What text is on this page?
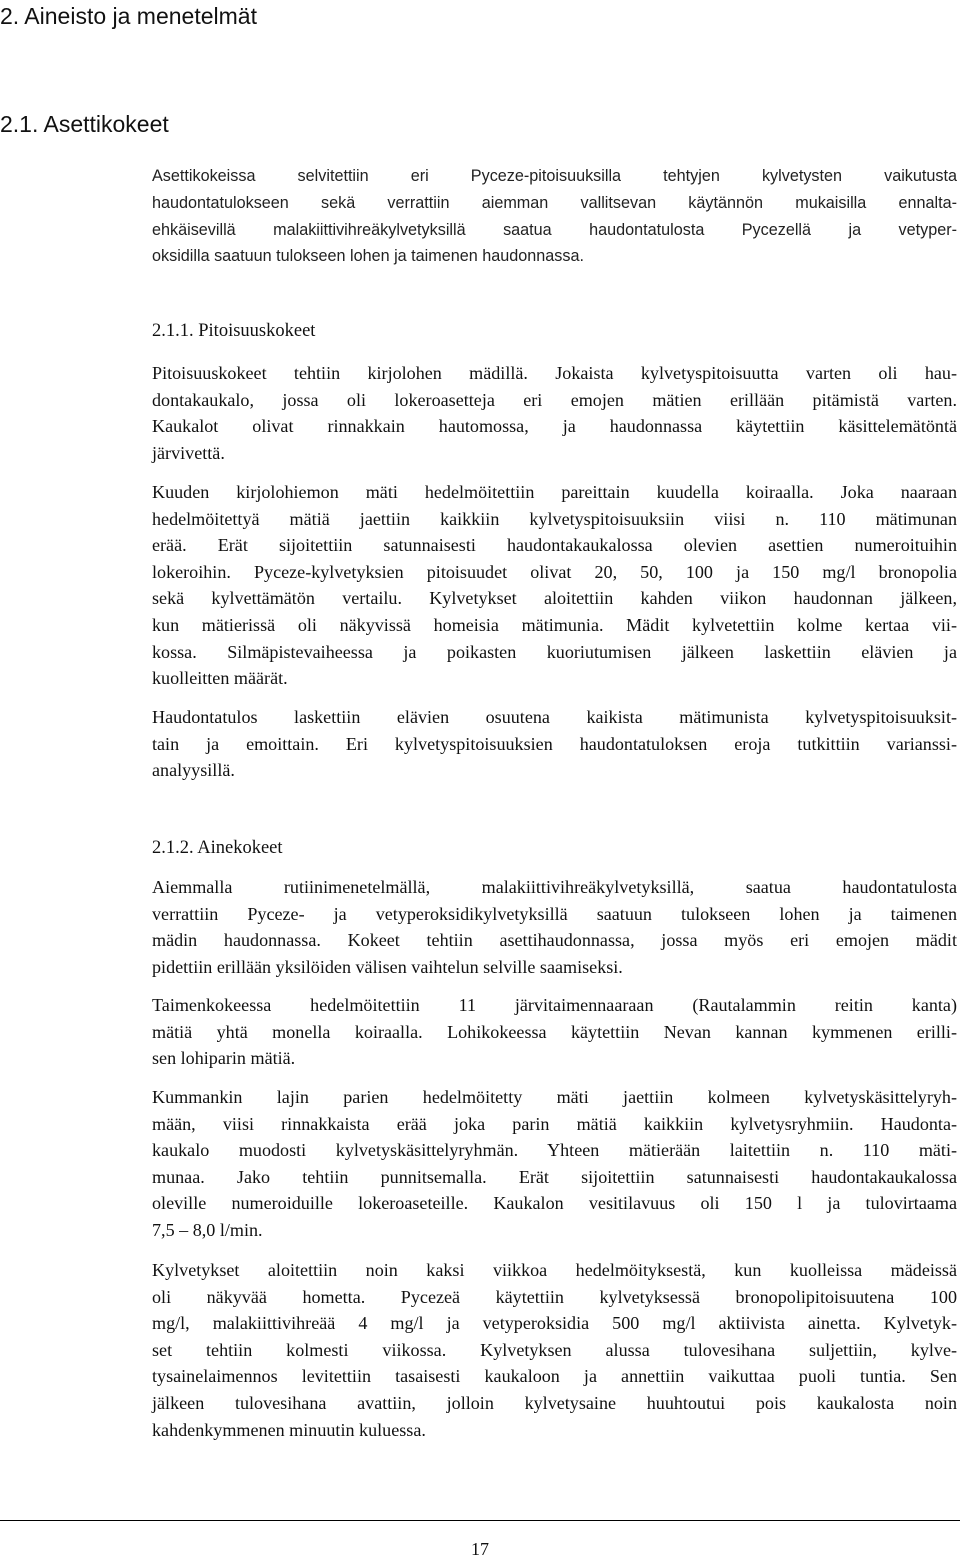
2. Aineisto ja menetelmät
2.1. Asettikokeet
Asettikokeissa selvitettiin eri Pyceze-pitoisuuksilla tehtyjen kylvetysten vaikutusta
haudontatulokseen sekä verrattiin aiemman vallitsevan käytännön mukaisilla ennalta-
ehkäisevillä malakiittivihreäkylvetyksillä saatua haudontatulosta Pycezellä ja vetyper-
oksidilla saatuun tulokseen lohen ja taimenen haudonnassa.
2.1.1. Pitoisuuskokeet
Pitoisuuskokeet tehtiin kirjolohen mädillä. Jokaista kylvetyspitoisuutta varten oli hau-
dontakaukalo, jossa oli lokeroasetteja eri emojen mätien erillään pitämistä varten.
Kaukalot olivat rinnakkain hautomossa, ja haudonnassa käytettiin käsittelemätöntä
järvivettä.
Kuuden kirjolohiemon mäti hedelmöitettiin pareittain kuudella koiraalla. Joka naaraan
hedelmöitettyä mätiä jaettiin kaikkiin kylvetyspitoisuuksiin viisi n. 110 mätimunan
erää. Erät sijoitettiin satunnaisesti haudontakaukalossa olevien asettien numeroituihin
lokeroihin. Pyceze-kylvetyksien pitoisuudet olivat 20, 50, 100 ja 150 mg/l bronopolia
sekä kylvettämätön vertailu. Kylvetykset aloitettiin kahden viikon haudonnan jälkeen,
kun mätierissä oli näkyvissä homeisia mätimunia. Mädit kylvetettiin kolme kertaa vii-
kossa. Silmäpistevaiheessa ja poikasten kuoriutumisen jälkeen laskettiin elävien ja
kuolleitten määrät.
Haudontatulos laskettiin elävien osuutena kaikista mätimunista kylvetyspitoisuuksit-
tain ja emoittain. Eri kylvetyspitoisuuksien haudontatuloksen eroja tutkittiin varianssi-
analyysillä.
2.1.2. Ainekokeet
Aiemmalla rutiinimenetelmällä, malakiittivihreäkylvetyksillä, saatua haudontatulosta
verrattiin Pyceze- ja vetyperoksidikylvetyksillä saatuun tulokseen lohen ja taimenen
mädin haudonnassa. Kokeet tehtiin asettihaudonnassa, jossa myös eri emojen mädit
pidettiin erillään yksilöiden välisen vaihtelun selville saamiseksi.
Taimenkokeessa hedelmöitettiin 11 järvitaimennaaraan (Rautalammin reitin kanta)
mätiä yhtä monella koiraalla. Lohikokeessa käytettiin Nevan kannan kymmenen erilli-
sen lohiparin mätiä.
Kummankin lajin parien hedelmöitetty mäti jaettiin kolmeen kylvetyskäsittelyryh-
mään, viisi rinnakkaista erää joka parin mätiä kaikkiin kylvetysryhmiin. Haudonta-
kaukalo muodosti kylvetyskäsittelyryhmän. Yhteen mätierään laitettiin n. 110 mäti-
munaa. Jako tehtiin punnitsemalla. Erät sijoitettiin satunnaisesti haudontakaukalossa
oleville numeroiduille lokeroaseteille. Kaukalon vesitilavuus oli 150 l ja tulovirtaama
7,5 – 8,0 l/min.
Kylvetykset aloitettiin noin kaksi viikkoa hedelmöityksestä, kun kuolleissa mädeissä
oli näkyvää hometta. Pycezeä käytettiin kylvetyksessä bronopolipitoisuutena 100
mg/l, malakiittivihreää 4 mg/l ja vetyperoksidia 500 mg/l aktiivista ainetta. Kylvetyk-
set tehtiin kolmesti viikossa. Kylvetyksen alussa tulovesihana suljettiin, kylve-
tysainelaimennos levitettiin tasaisesti kaukaloon ja annettiin vaikuttaa puoli tuntia. Sen
jälkeen tulovesihana avattiin, jolloin kylvetysaine huuhtoutui pois kaukalosta noin
kahdenkymmenen minuutin kuluessa.
17
